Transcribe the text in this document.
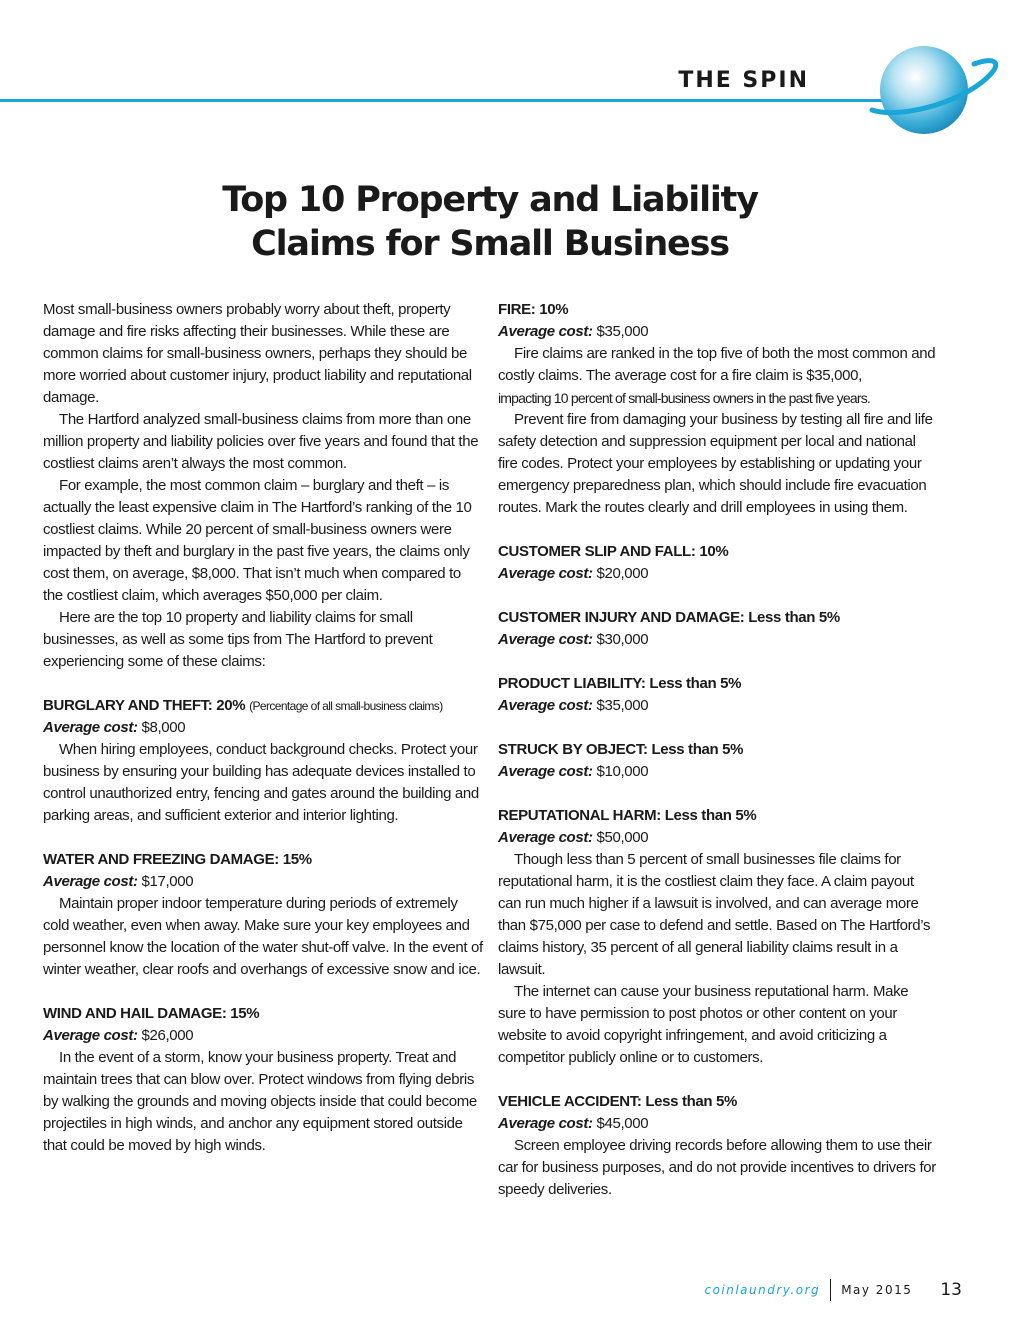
THE SPIN
Top 10 Property and Liability
Claims for Small Business

Most small-business owners probably worry about theft, property damage and fire risks affecting their businesses. While these are common claims for small-business owners, perhaps they should be more worried about customer injury, product liability and reputational damage.

The Hartford analyzed small-business claims from more than one million property and liability policies over five years and found that the costliest claims aren’t always the most common.

For example, the most common claim – burglary and theft – is actually the least expensive claim in The Hartford’s ranking of the 10 costliest claims. While 20 percent of small-business owners were impacted by theft and burglary in the past five years, the claims only cost them, on average, $8,000. That isn’t much when compared to the costliest claim, which averages $50,000 per claim.

Here are the top 10 property and liability claims for small businesses, as well as some tips from The Hartford to prevent experiencing some of these claims:

BURGLARY AND THEFT: 20% (Percentage of all small-business claims)

Average cost: $8,000

When hiring employees, conduct background checks. Protect your business by ensuring your building has adequate devices installed to control unauthorized entry, fencing and gates around the building and parking areas, and sufficient exterior and interior lighting.

WATER AND FREEZING DAMAGE: 15%

Average cost: $17,000

Maintain proper indoor temperature during periods of extremely cold weather, even when away. Make sure your key employees and personnel know the location of the water shut-off valve. In the event of winter weather, clear roofs and overhangs of excessive snow and ice.

WIND AND HAIL DAMAGE: 15%

Average cost: $26,000

In the event of a storm, know your business property. Treat and maintain trees that can blow over. Protect windows from flying debris by walking the grounds and moving objects inside that could become projectiles in high winds, and anchor any equipment stored outside that could be moved by high winds.

FIRE: 10%

Average cost: $35,000

Fire claims are ranked in the top five of both the most common and costly claims. The average cost for a fire claim is $35,000,

impacting 10 percent of small-business owners in the past five years.

Prevent fire from damaging your business by testing all fire and life safety detection and suppression equipment per local and national fire codes. Protect your employees by establishing or updating your emergency preparedness plan, which should include fire evacuation routes. Mark the routes clearly and drill employees in using them.

CUSTOMER SLIP AND FALL: 10%

Average cost: $20,000

CUSTOMER INJURY AND DAMAGE: Less than 5%

Average cost: $30,000

PRODUCT LIABILITY: Less than 5%

Average cost: $35,000

STRUCK BY OBJECT: Less than 5%

Average cost: $10,000

REPUTATIONAL HARM: Less than 5%

Average cost: $50,000

Though less than 5 percent of small businesses file claims for reputational harm, it is the costliest claim they face. A claim payout can run much higher if a lawsuit is involved, and can average more than $75,000 per case to defend and settle. Based on The Hartford’s claims history, 35 percent of all general liability claims result in a lawsuit.

The internet can cause your business reputational harm. Make sure to have permission to post photos or other content on your website to avoid copyright infringement, and avoid criticizing a competitor publicly online or to customers.

VEHICLE ACCIDENT: Less than 5%

Average cost: $45,000

Screen employee driving records before allowing them to use their car for business purposes, and do not provide incentives to drivers for speedy deliveries.

coinlaundry.org May 2015 13
